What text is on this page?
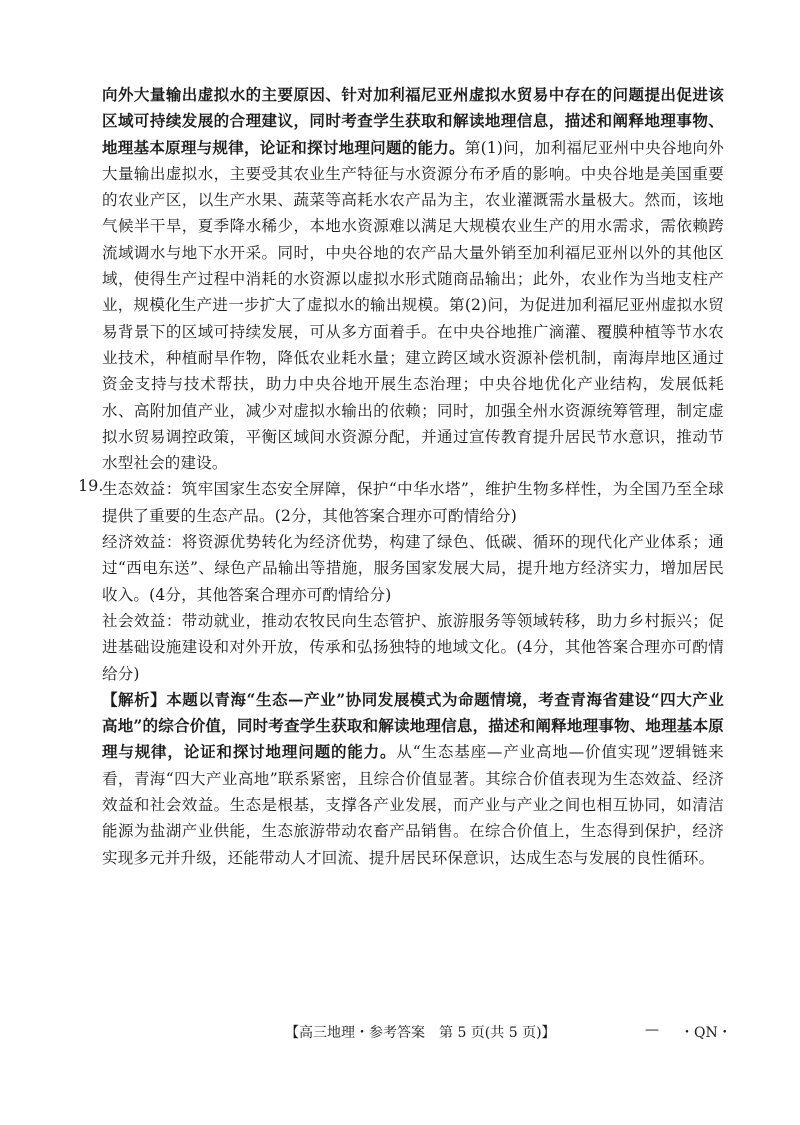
向外大量输出虚拟水的主要原因、针对加利福尼亚州虚拟水贸易中存在的问题提出促进该区域可持续发展的合理建议，同时考查学生获取和解读地理信息，描述和阐释地理事物、地理基本原理与规律，论证和探讨地理问题的能力。第(1)问，加利福尼亚州中央谷地向外大量输出虚拟水，主要受其农业生产特征与水资源分布矛盾的影响。中央谷地是美国重要的农业产区，以生产水果、蔬菜等高耗水农产品为主，农业灌溉需水量极大。然而，该地气候半干旱，夏季降水稀少，本地水资源难以满足大规模农业生产的用水需求，需依赖跨流域调水与地下水开采。同时，中央谷地的农产品大量外销至加利福尼亚州以外的其他区域，使得生产过程中消耗的水资源以虚拟水形式随商品输出；此外，农业作为当地支柱产业，规模化生产进一步扩大了虚拟水的输出规模。第(2)问，为促进加利福尼亚州虚拟水贸易背景下的区域可持续发展，可从多方面着手。在中央谷地推广滴灌、覆膜种植等节水农业技术，种植耐旱作物，降低农业耗水量；建立跨区域水资源补偿机制，南海岸地区通过资金支持与技术帮扶，助力中央谷地开展生态治理；中央谷地优化产业结构，发展低耗水、高附加值产业，减少对虚拟水输出的依赖；同时，加强全州水资源统筹管理，制定虚拟水贸易调控政策，平衡区域间水资源分配，并通过宣传教育提升居民节水意识，推动节水型社会的建设。

19.

生态效益：筑牢国家生态安全屏障，保护“中华水塔”，维护生物多样性，为全国乃至全球提供了重要的生态产品。(2分，其他答案合理亦可酌情给分)

经济效益：将资源优势转化为经济优势，构建了绿色、低碳、循环的现代化产业体系；通过“西电东送”、绿色产品输出等措施，服务国家发展大局，提升地方经济实力，增加居民收入。(4分，其他答案合理亦可酌情给分)

社会效益：带动就业，推动农牧民向生态管护、旅游服务等领域转移，助力乡村振兴；促进基础设施建设和对外开放，传承和弘扬独特的地域文化。(4分，其他答案合理亦可酌情给分)

【解析】本题以青海“生态—产业”协同发展模式为命题情境，考查青海省建设“四大产业高地”的综合价值，同时考查学生获取和解读地理信息，描述和阐释地理事物、地理基本原理与规律，论证和探讨地理问题的能力。从“生态基座—产业高地—价值实现”逻辑链来看，青海“四大产业高地”联系紧密，且综合价值显著。其综合价值表现为生态效益、经济效益和社会效益。生态是根基，支撑各产业发展，而产业与产业之间也相互协同，如清洁能源为盐湖产业供能，生态旅游带动农畜产品销售。在综合价值上，生态得到保护，经济实现多元并升级，还能带动人才回流、提升居民环保意识，达成生态与发展的良性循环。

【高三地理・参考答案　第 5 页(共 5 页)】	— ・QN・
